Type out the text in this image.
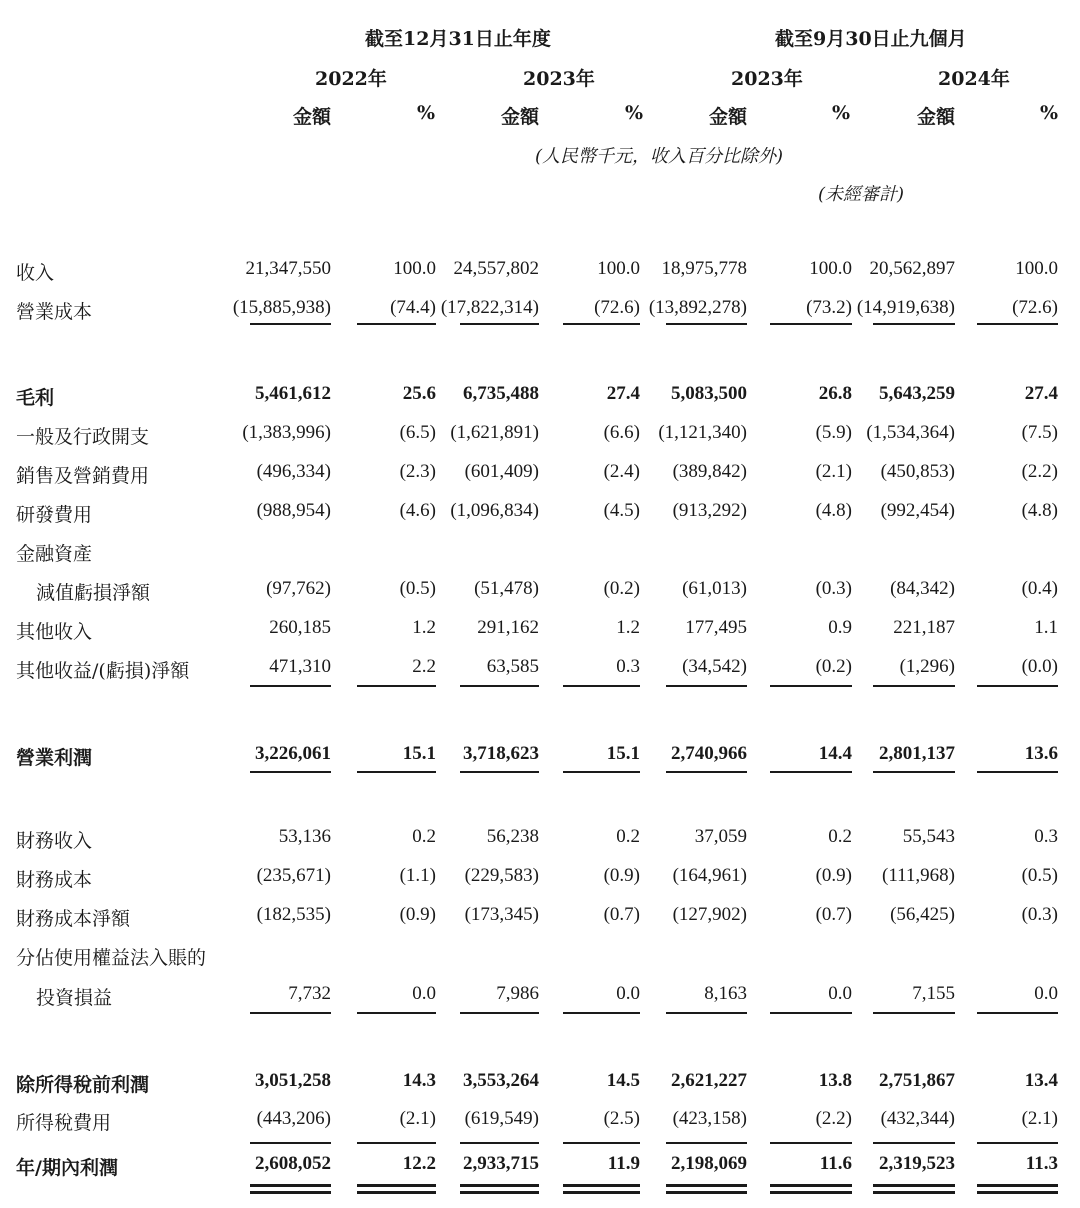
截至12月31日止年度	截至9月30日止九個月
2022年	2023年	2023年	2024年
金額	%	金額	%	金額	%	金額	%
(人民幣千元，收入百分比除外)
(未經審計)
收入	21,347,550	100.0 24,557,802	100.0	18,975,778	100.0 20,562,897	100.0
營業成本	(15,885,938)	(74.4) (17,822,314)	(72.6) (13,892,278)	(73.2) (14,919,638)	(72.6)
毛利	5,461,612	25.6	6,735,488	27.4	5,083,500	26.8	5,643,259	27.4
一般及行政開支	(1,383,996)	(6.5) (1,621,891)	(6.6) (1,121,340)	(5.9) (1,534,364)	(7.5)
銷售及營銷費用	(496,334)	(2.3)	(601,409)	(2.4)	(389,842)	(2.1)	(450,853)	(2.2)
研發費用	(988,954)	(4.6) (1,096,834)	(4.5)	(913,292)	(4.8)	(992,454)	(4.8)
金融資產
減值虧損淨額	(97,762)	(0.5)	(51,478)	(0.2)	(61,013)	(0.3)	(84,342)	(0.4)
其他收入	260,185	1.2	291,162	1.2	177,495	0.9	221,187	1.1
其他收益/(虧損)淨額	471,310	2.2	63,585	0.3	(34,542)	(0.2)	(1,296)	(0.0)
營業利潤	3,226,061	15.1	3,718,623	15.1	2,740,966	14.4	2,801,137	13.6
財務收入	53,136	0.2	56,238	0.2	37,059	0.2	55,543	0.3
財務成本	(235,671)	(1.1)	(229,583)	(0.9)	(164,961)	(0.9)	(111,968)	(0.5)
財務成本淨額	(182,535)	(0.9)	(173,345)	(0.7)	(127,902)	(0.7)	(56,425)	(0.3)
分佔使用權益法入賬的
投資損益	7,732	0.0	7,986	0.0	8,163	0.0	7,155	0.0
除所得稅前利潤	3,051,258	14.3	3,553,264	14.5	2,621,227	13.8	2,751,867	13.4
所得稅費用	(443,206)	(2.1)	(619,549)	(2.5)	(423,158)	(2.2)	(432,344)	(2.1)
年/期內利潤	2,608,052	12.2	2,933,715	11.9	2,198,069	11.6	2,319,523	11.3
